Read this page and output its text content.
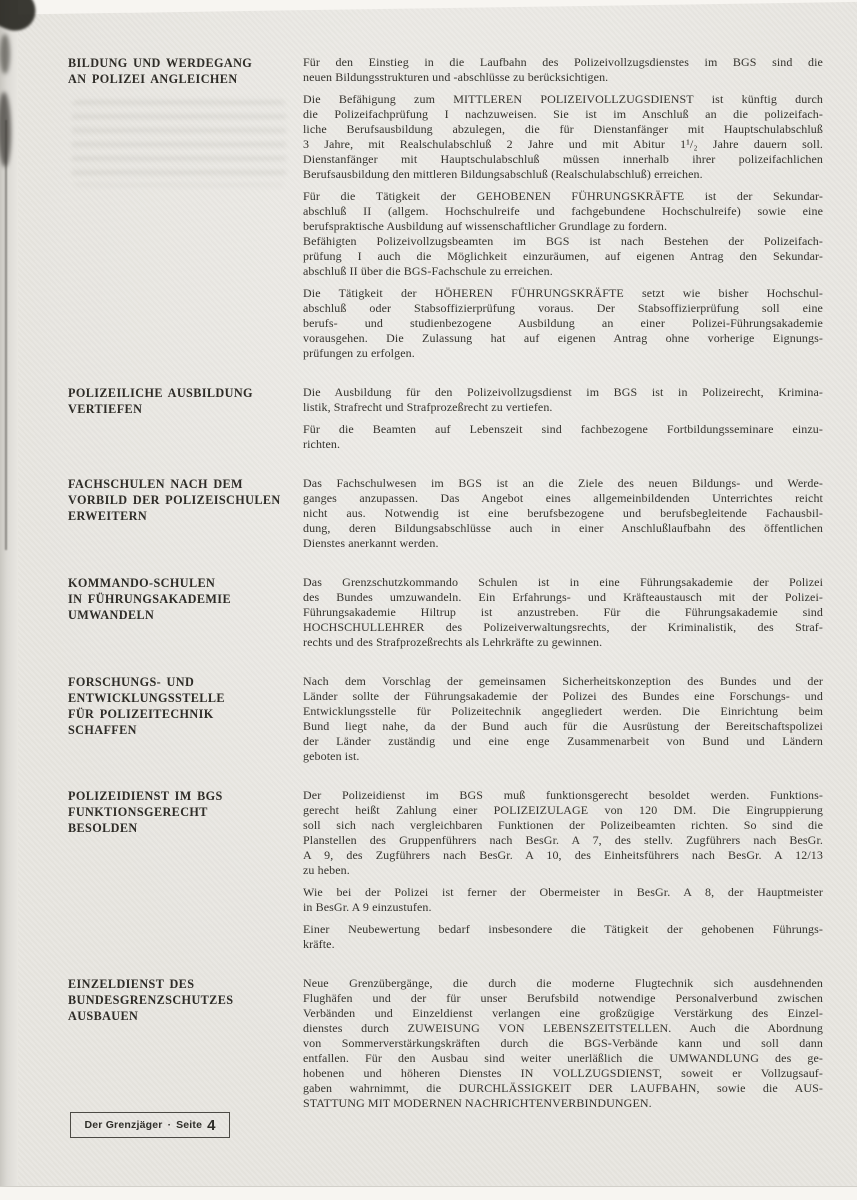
BILDUNG UND WERDEGANG
AN POLIZEI ANGLEICHEN
Für den Einstieg in die Laufbahn des Polizeivollzugsdienstes im BGS sind die
neuen Bildungsstrukturen und -abschlüsse zu berücksichtigen.
Die Befähigung zum MITTLEREN POLIZEIVOLLZUGSDIENST ist künftig durch
die Polizeifachprüfung I nachzuweisen. Sie ist im Anschluß an die polizeifach-
liche Berufsausbildung abzulegen, die für Dienstanfänger mit Hauptschulabschluß
3 Jahre, mit Realschulabschluß 2 Jahre und mit Abitur 1¹/₂ Jahre dauern soll.
Dienstanfänger mit Hauptschulabschluß müssen innerhalb ihrer polizeifachlichen
Berufsausbildung den mittleren Bildungsabschluß (Realschulabschluß) erreichen.
Für die Tätigkeit der GEHOBENEN FÜHRUNGSKRÄFTE ist der Sekundar-
abschluß II (allgem. Hochschulreife und fachgebundene Hochschulreife) sowie eine
berufspraktische Ausbildung auf wissenschaftlicher Grundlage zu fordern.
Befähigten Polizeivollzugsbeamten im BGS ist nach Bestehen der Polizeifach-
prüfung I auch die Möglichkeit einzuräumen, auf eigenen Antrag den Sekundar-
abschluß II über die BGS-Fachschule zu erreichen.
Die Tätigkeit der HÖHEREN FÜHRUNGSKRÄFTE setzt wie bisher Hochschul-
abschluß oder Stabsoffizierprüfung voraus. Der Stabsoffizierprüfung soll eine
berufs- und studienbezogene Ausbildung an einer Polizei-Führungsakademie
vorausgehen. Die Zulassung hat auf eigenen Antrag ohne vorherige Eignungs-
prüfungen zu erfolgen.
POLIZEILICHE AUSBILDUNG
VERTIEFEN
Die Ausbildung für den Polizeivollzugsdienst im BGS ist in Polizeirecht, Krimina-
listik, Strafrecht und Strafprozeßrecht zu vertiefen.
Für die Beamten auf Lebenszeit sind fachbezogene Fortbildungsseminare einzu-
richten.
FACHSCHULEN NACH DEM
VORBILD DER POLIZEISCHULEN
ERWEITERN
Das Fachschulwesen im BGS ist an die Ziele des neuen Bildungs- und Werde-
ganges anzupassen. Das Angebot eines allgemeinbildenden Unterrichtes reicht
nicht aus. Notwendig ist eine berufsbezogene und berufsbegleitende Fachausbil-
dung, deren Bildungsabschlüsse auch in einer Anschlußlaufbahn des öffentlichen
Dienstes anerkannt werden.
KOMMANDO-SCHULEN
IN FÜHRUNGSAKADEMIE
UMWANDELN
Das Grenzschutzkommando Schulen ist in eine Führungsakademie der Polizei
des Bundes umzuwandeln. Ein Erfahrungs- und Kräfteaustausch mit der Polizei-
Führungsakademie Hiltrup ist anzustreben. Für die Führungsakademie sind
HOCHSCHULLEHRER des Polizeiverwaltungsrechts, der Kriminalistik, des Straf-
rechts und des Strafprozeßrechts als Lehrkräfte zu gewinnen.
FORSCHUNGS- UND
ENTWICKLUNGSSTELLE
FÜR POLIZEITECHNIK
SCHAFFEN
Nach dem Vorschlag der gemeinsamen Sicherheitskonzeption des Bundes und der
Länder sollte der Führungsakademie der Polizei des Bundes eine Forschungs- und
Entwicklungsstelle für Polizeitechnik angegliedert werden. Die Einrichtung beim
Bund liegt nahe, da der Bund auch für die Ausrüstung der Bereitschaftspolizei
der Länder zuständig und eine enge Zusammenarbeit von Bund und Ländern
geboten ist.
POLIZEIDIENST IM BGS
FUNKTIONSGERECHT
BESOLDEN
Der Polizeidienst im BGS muß funktionsgerecht besoldet werden. Funktions-
gerecht heißt Zahlung einer POLIZEIZULAGE von 120 DM. Die Eingruppierung
soll sich nach vergleichbaren Funktionen der Polizeibeamten richten. So sind die
Planstellen des Gruppenführers nach BesGr. A 7, des stellv. Zugführers nach BesGr.
A 9, des Zugführers nach BesGr. A 10, des Einheitsführers nach BesGr. A 12/13
zu heben.
Wie bei der Polizei ist ferner der Obermeister in BesGr. A 8, der Hauptmeister
in BesGr. A 9 einzustufen.
Einer Neubewertung bedarf insbesondere die Tätigkeit der gehobenen Führungs-
kräfte.
EINZELDIENST DES
BUNDESGRENZSCHUTZES
AUSBAUEN
Neue Grenzübergänge, die durch die moderne Flugtechnik sich ausdehnenden
Flughäfen und der für unser Berufsbild notwendige Personalverbund zwischen
Verbänden und Einzeldienst verlangen eine großzügige Verstärkung des Einzel-
dienstes durch ZUWEISUNG VON LEBENSZEITSTELLEN. Auch die Abordnung
von Sommerverstärkungskräften durch die BGS-Verbände kann und soll dann
entfallen. Für den Ausbau sind weiter unerläßlich die UMWANDLUNG des ge-
hobenen und höheren Dienstes IN VOLLZUGSDIENST, soweit er Vollzugsauf-
gaben wahrnimmt, die DURCHLÄSSIGKEIT DER LAUFBAHN, sowie die AUS-
STATTUNG MIT MODERNEN NACHRICHTENVERBINDUNGEN.
Der Grenzjäger · Seite 4
